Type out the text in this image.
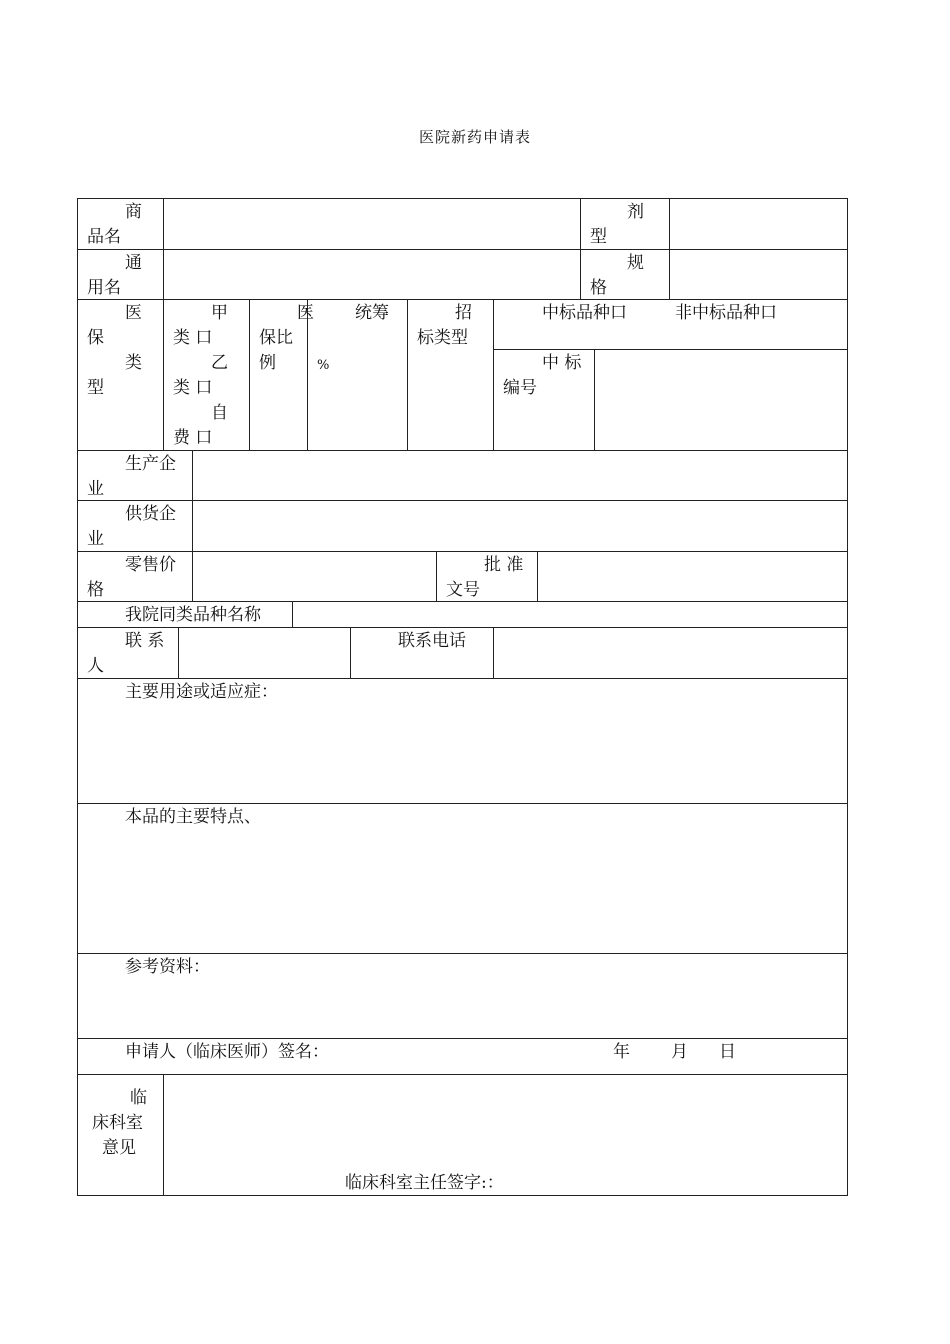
医院新药申请表
商
品名
剂
型
通
用名
规
格
医
保
类
型
甲
类 口
乙
类 口
自
费 口
医
保比
例
统筹
%
招
标类型
中标品种口	非中标品种口
中 标
编号
生产企
业
供货企
业
零售价
格
批 准
文号
我院同类品种名称
联 系
人
联系电话
主要用途或适应症：
本品的主要特点、
参考资料：
申请人（临床医师）签名：	年 月 日
临
床科室
意见
临床科室主任签字:：
